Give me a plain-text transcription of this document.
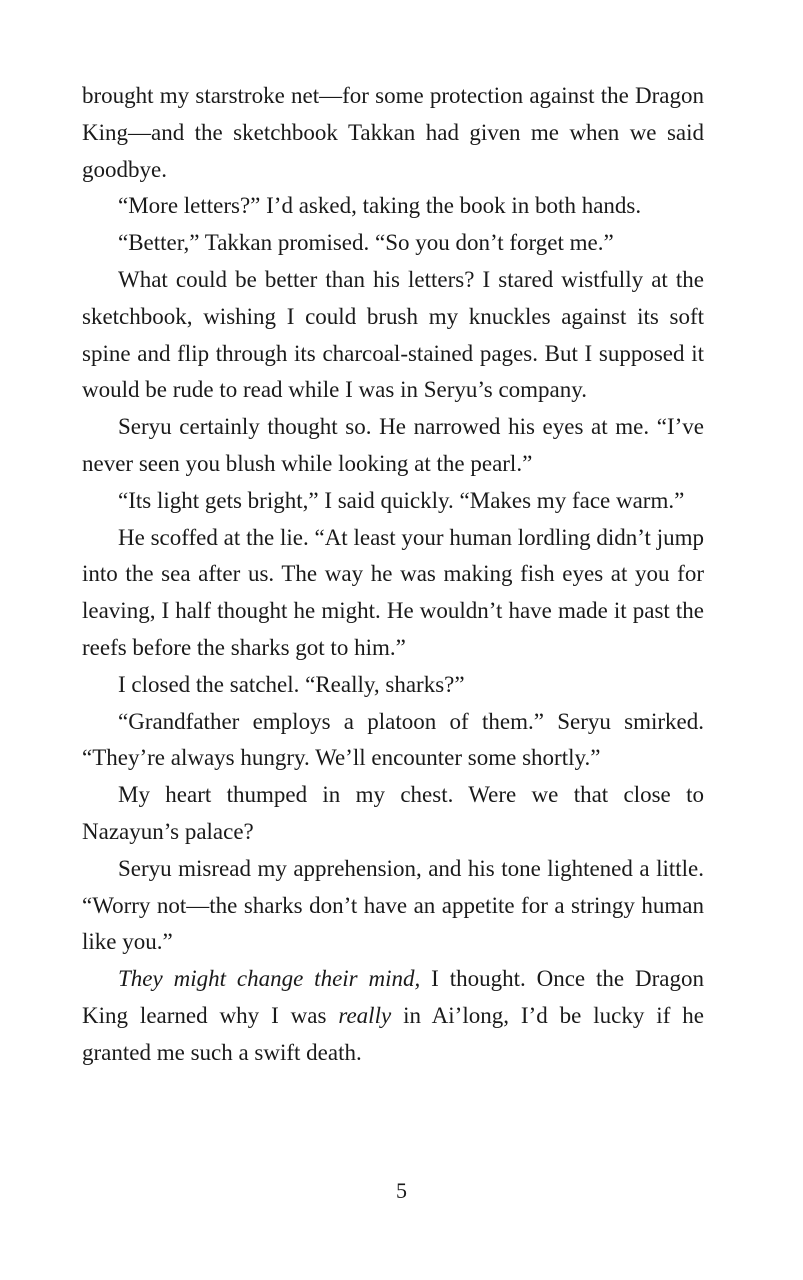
brought my starstroke net—for some protection against the Dragon King—and the sketchbook Takkan had given me when we said goodbye.

“More letters?” I’d asked, taking the book in both hands.

“Better,” Takkan promised. “So you don’t forget me.”

What could be better than his letters? I stared wistfully at the sketchbook, wishing I could brush my knuckles against its soft spine and flip through its charcoal-stained pages. But I supposed it would be rude to read while I was in Seryu’s company.

Seryu certainly thought so. He narrowed his eyes at me. “I’ve never seen you blush while looking at the pearl.”

“Its light gets bright,” I said quickly. “Makes my face warm.”

He scoffed at the lie. “At least your human lordling didn’t jump into the sea after us. The way he was making fish eyes at you for leaving, I half thought he might. He wouldn’t have made it past the reefs before the sharks got to him.”

I closed the satchel. “Really, sharks?”

“Grandfather employs a platoon of them.” Seryu smirked. “They’re always hungry. We’ll encounter some shortly.”

My heart thumped in my chest. Were we that close to Nazayun’s palace?

Seryu misread my apprehension, and his tone lightened a little. “Worry not—the sharks don’t have an appetite for a stringy human like you.”

They might change their mind, I thought. Once the Dragon King learned why I was really in Ai’long, I’d be lucky if he granted me such a swift death.

5
